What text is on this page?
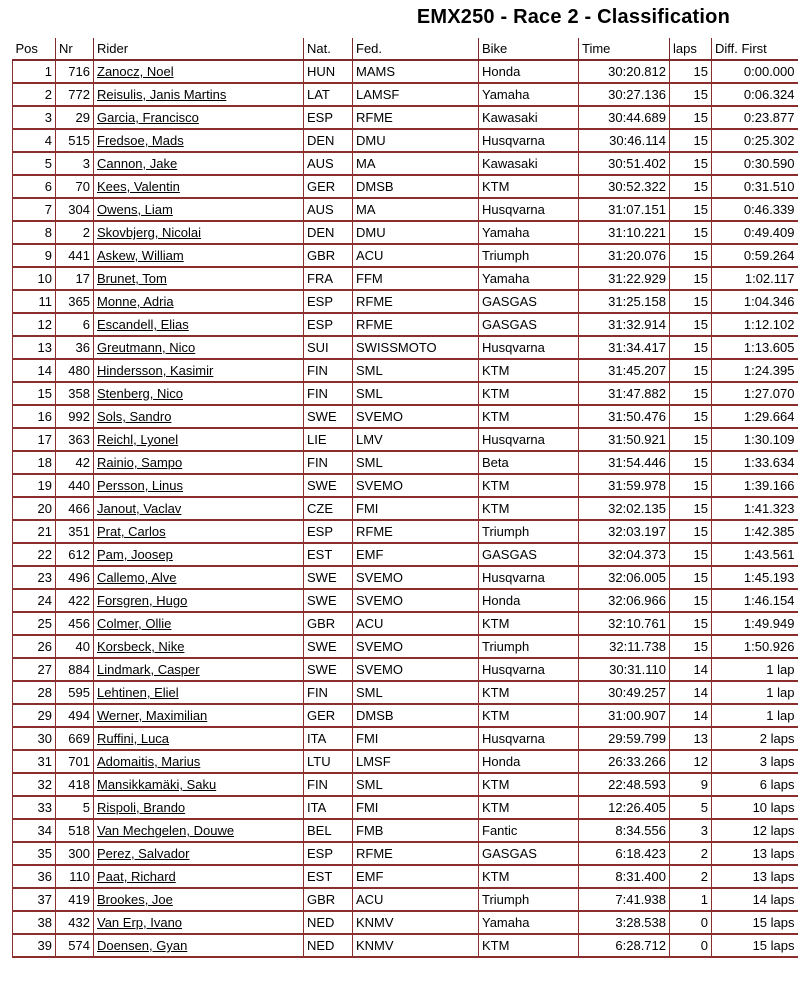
EMX250 - Race 2 - Classification
Pos	Nr	Rider	Nat.	Fed.	Bike	Time	laps	Diff. First
1	716	Zanocz, Noel	HUN	MAMS	Honda	30:20.812	15	0:00.000
2	772	Reisulis, Janis Martins	LAT	LAMSF	Yamaha	30:27.136	15	0:06.324
3	29	Garcia, Francisco	ESP	RFME	Kawasaki	30:44.689	15	0:23.877
4	515	Fredsoe, Mads	DEN	DMU	Husqvarna	30:46.114	15	0:25.302
5	3	Cannon, Jake	AUS	MA	Kawasaki	30:51.402	15	0:30.590
6	70	Kees, Valentin	GER	DMSB	KTM	30:52.322	15	0:31.510
7	304	Owens, Liam	AUS	MA	Husqvarna	31:07.151	15	0:46.339
8	2	Skovbjerg, Nicolai	DEN	DMU	Yamaha	31:10.221	15	0:49.409
9	441	Askew, William	GBR	ACU	Triumph	31:20.076	15	0:59.264
10	17	Brunet, Tom	FRA	FFM	Yamaha	31:22.929	15	1:02.117
11	365	Monne, Adria	ESP	RFME	GASGAS	31:25.158	15	1:04.346
12	6	Escandell, Elias	ESP	RFME	GASGAS	31:32.914	15	1:12.102
13	36	Greutmann, Nico	SUI	SWISSMOTO	Husqvarna	31:34.417	15	1:13.605
14	480	Hindersson, Kasimir	FIN	SML	KTM	31:45.207	15	1:24.395
15	358	Stenberg, Nico	FIN	SML	KTM	31:47.882	15	1:27.070
16	992	Sols, Sandro	SWE	SVEMO	KTM	31:50.476	15	1:29.664
17	363	Reichl, Lyonel	LIE	LMV	Husqvarna	31:50.921	15	1:30.109
18	42	Rainio, Sampo	FIN	SML	Beta	31:54.446	15	1:33.634
19	440	Persson, Linus	SWE	SVEMO	KTM	31:59.978	15	1:39.166
20	466	Janout, Vaclav	CZE	FMI	KTM	32:02.135	15	1:41.323
21	351	Prat, Carlos	ESP	RFME	Triumph	32:03.197	15	1:42.385
22	612	Pam, Joosep	EST	EMF	GASGAS	32:04.373	15	1:43.561
23	496	Callemo, Alve	SWE	SVEMO	Husqvarna	32:06.005	15	1:45.193
24	422	Forsgren, Hugo	SWE	SVEMO	Honda	32:06.966	15	1:46.154
25	456	Colmer, Ollie	GBR	ACU	KTM	32:10.761	15	1:49.949
26	40	Korsbeck, Nike	SWE	SVEMO	Triumph	32:11.738	15	1:50.926
27	884	Lindmark, Casper	SWE	SVEMO	Husqvarna	30:31.110	14	1 lap
28	595	Lehtinen, Eliel	FIN	SML	KTM	30:49.257	14	1 lap
29	494	Werner, Maximilian	GER	DMSB	KTM	31:00.907	14	1 lap
30	669	Ruffini, Luca	ITA	FMI	Husqvarna	29:59.799	13	2 laps
31	701	Adomaitis, Marius	LTU	LMSF	Honda	26:33.266	12	3 laps
32	418	Mansikkamäki, Saku	FIN	SML	KTM	22:48.593	9	6 laps
33	5	Rispoli, Brando	ITA	FMI	KTM	12:26.405	5	10 laps
34	518	Van Mechgelen, Douwe	BEL	FMB	Fantic	8:34.556	3	12 laps
35	300	Perez, Salvador	ESP	RFME	GASGAS	6:18.423	2	13 laps
36	110	Paat, Richard	EST	EMF	KTM	8:31.400	2	13 laps
37	419	Brookes, Joe	GBR	ACU	Triumph	7:41.938	1	14 laps
38	432	Van Erp, Ivano	NED	KNMV	Yamaha	3:28.538	0	15 laps
39	574	Doensen, Gyan	NED	KNMV	KTM	6:28.712	0	15 laps
